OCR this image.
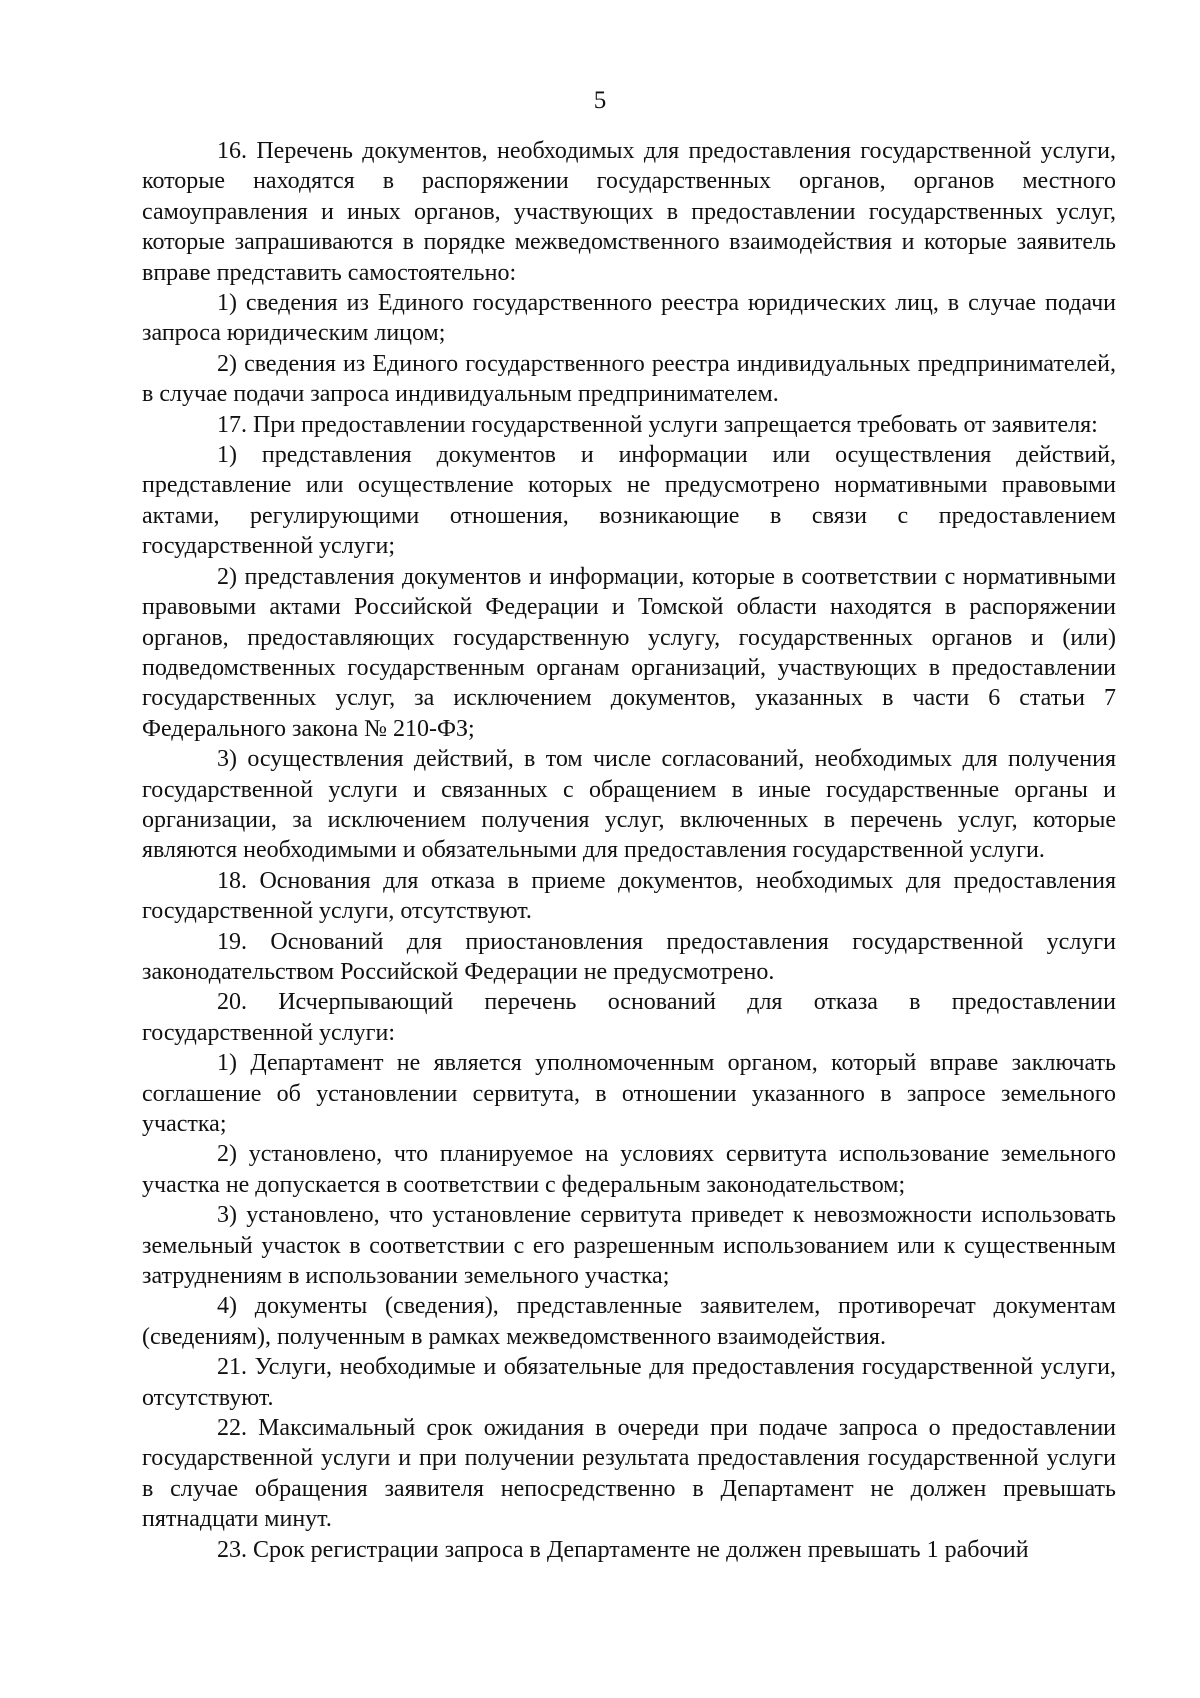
5

16. Перечень документов, необходимых для предоставления государственной услуги, которые находятся в распоряжении государственных органов, органов местного самоуправления и иных органов, участвующих в предоставлении государственных услуг, которые запрашиваются в порядке межведомственного взаимодействия и которые заявитель вправе представить самостоятельно:

1) сведения из Единого государственного реестра юридических лиц, в случае подачи запроса юридическим лицом;

2) сведения из Единого государственного реестра индивидуальных предпринимателей, в случае подачи запроса индивидуальным предпринимателем.

17. При предоставлении государственной услуги запрещается требовать от заявителя:

1) представления документов и информации или осуществления действий, представление или осуществление которых не предусмотрено нормативными правовыми актами, регулирующими отношения, возникающие в связи с предоставлением государственной услуги;

2) представления документов и информации, которые в соответствии с нормативными правовыми актами Российской Федерации и Томской области находятся в распоряжении органов, предоставляющих государственную услугу, государственных органов и (или) подведомственных государственным органам организаций, участвующих в предоставлении государственных услуг, за исключением документов, указанных в части 6 статьи 7 Федерального закона № 210-ФЗ;

3) осуществления действий, в том числе согласований, необходимых для получения государственной услуги и связанных с обращением в иные государственные органы и организации, за исключением получения услуг, включенных в перечень услуг, которые являются необходимыми и обязательными для предоставления государственной услуги.

18. Основания для отказа в приеме документов, необходимых для предоставления государственной услуги, отсутствуют.

19. Оснований для приостановления предоставления государственной услуги законодательством Российской Федерации не предусмотрено.

20. Исчерпывающий перечень оснований для отказа в предоставлении государственной услуги:

1) Департамент не является уполномоченным органом, который вправе заключать соглашение об установлении сервитута, в отношении указанного в запросе земельного участка;

2) установлено, что планируемое на условиях сервитута использование земельного участка не допускается в соответствии с федеральным законодательством;

3) установлено, что установление сервитута приведет к невозможности использовать земельный участок в соответствии с его разрешенным использованием или к существенным затруднениям в использовании земельного участка;

4) документы (сведения), представленные заявителем, противоречат документам (сведениям), полученным в рамках межведомственного взаимодействия.

21. Услуги, необходимые и обязательные для предоставления государственной услуги, отсутствуют.

22. Максимальный срок ожидания в очереди при подаче запроса о предоставлении государственной услуги и при получении результата предоставления государственной услуги в случае обращения заявителя непосредственно в Департамент не должен превышать пятнадцати минут.

23. Срок регистрации запроса в Департаменте не должен превышать 1 рабочий
